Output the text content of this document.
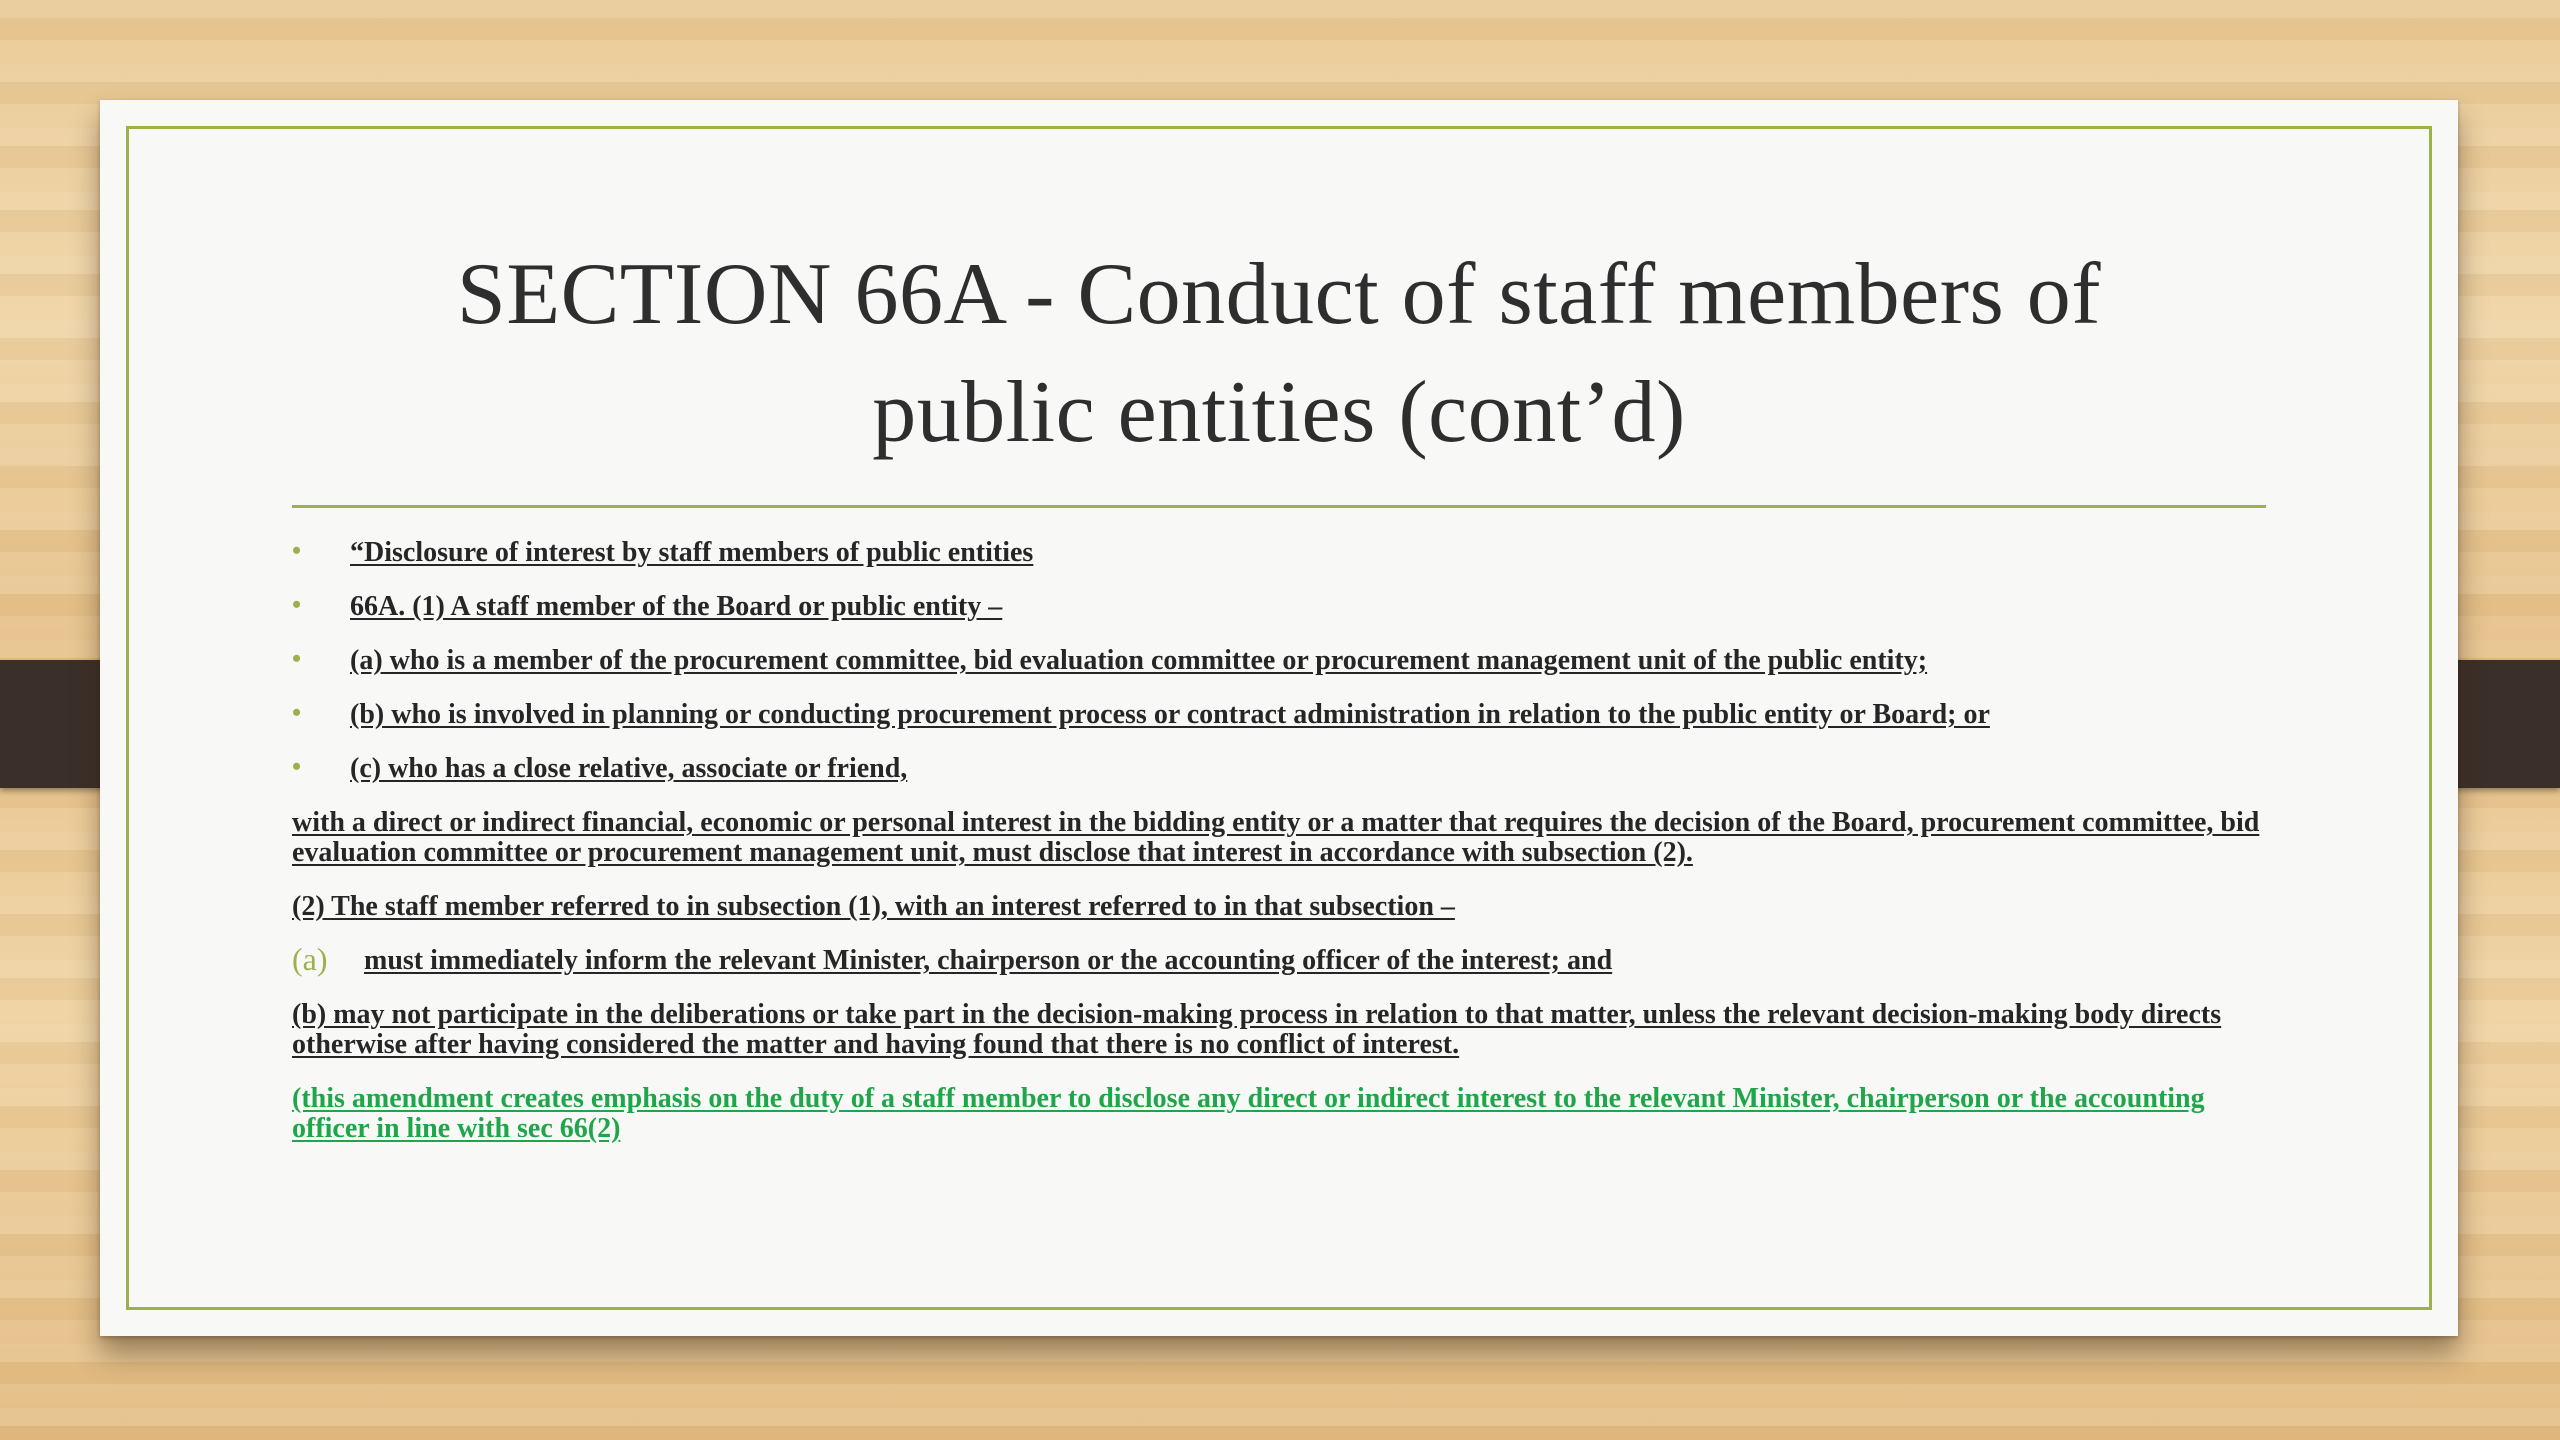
SECTION 66A - Conduct of staff members of
public entities (cont’d)
• “Disclosure of interest by staff members of public entities
• 66A. (1) A staff member of the Board or public entity –
• (a) who is a member of the procurement committee, bid evaluation committee or procurement management unit of the public entity;
• (b) who is involved in planning or conducting procurement process or contract administration in relation to the public entity or Board; or
• (c) who has a close relative, associate or friend,

with a direct or indirect financial, economic or personal interest in the bidding entity or a matter that requires the decision of the Board, procurement committee, bid evaluation committee or procurement management unit, must disclose that interest in accordance with subsection (2).

(2) The staff member referred to in subsection (1), with an interest referred to in that subsection –

(a) must immediately inform the relevant Minister, chairperson or the accounting officer of the interest; and

(b) may not participate in the deliberations or take part in the decision-making process in relation to that matter, unless the relevant decision-making body directs otherwise after having considered the matter and having found that there is no conflict of interest.

(this amendment creates emphasis on the duty of a staff member to disclose any direct or indirect interest to the relevant Minister, chairperson or the accounting officer in line with sec 66(2)
